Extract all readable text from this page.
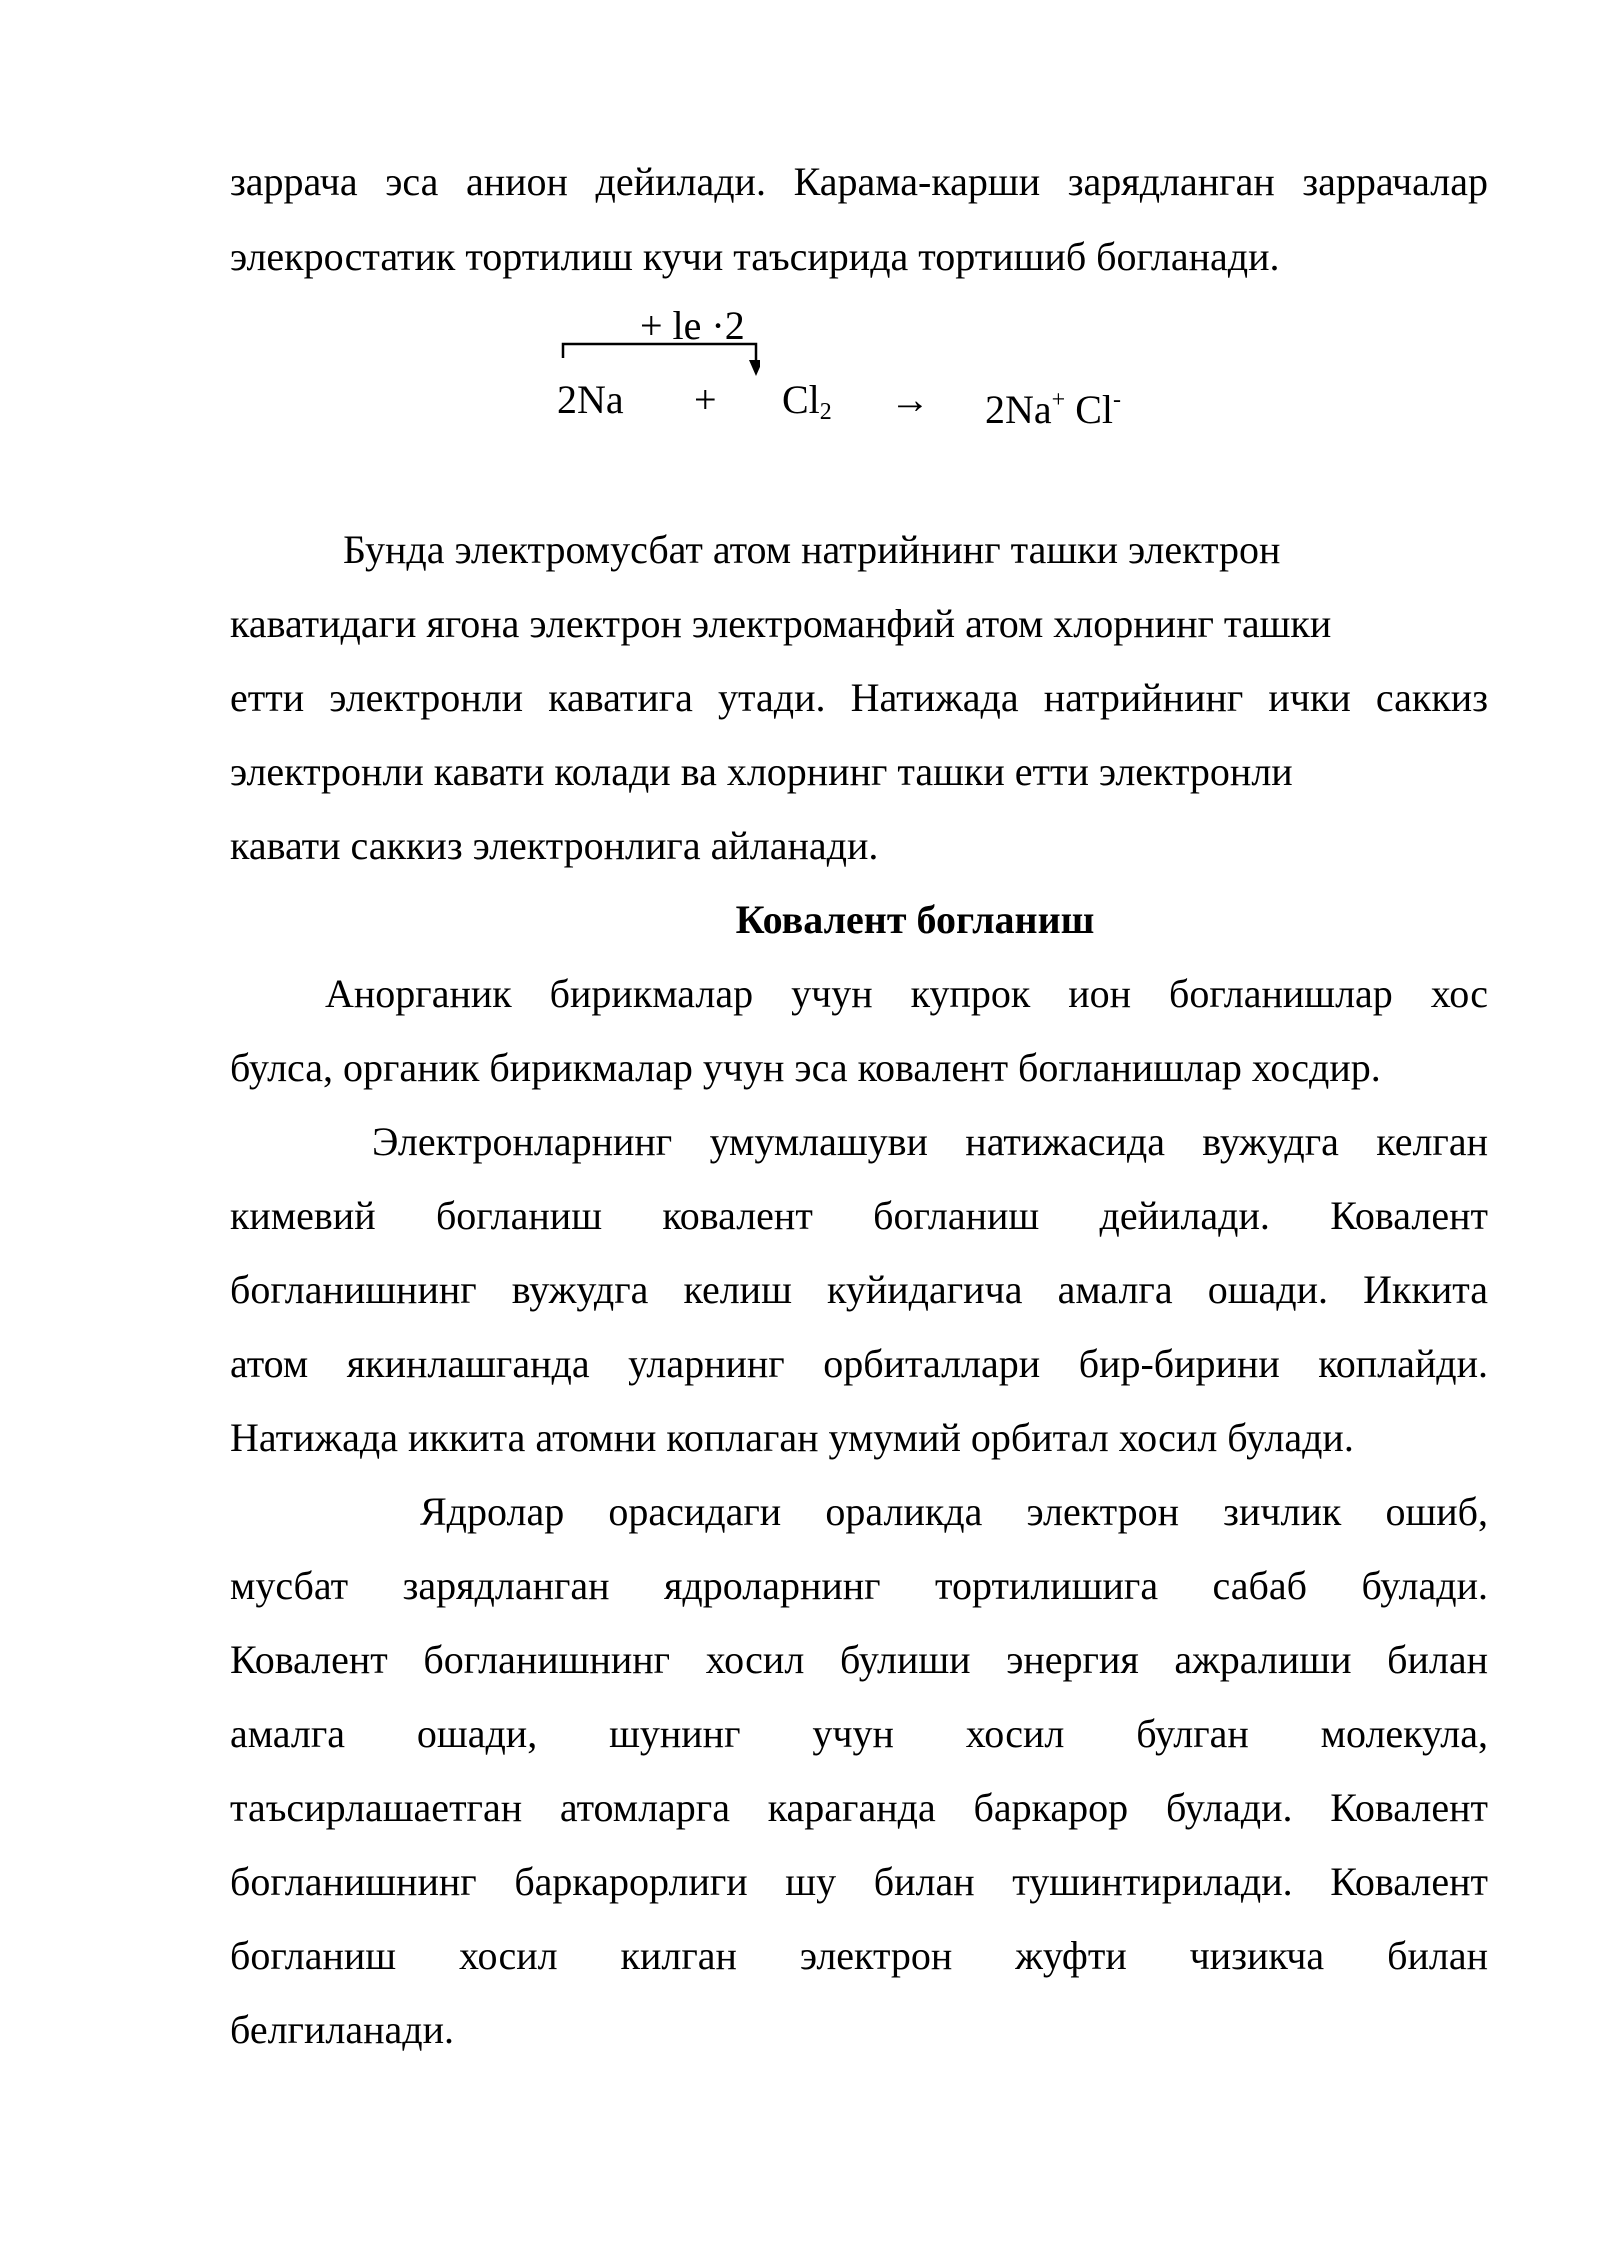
заррача эса анион дейилади. Карама-карши зарядланган заррачалар
элекростатик тортилиш кучи таъсирида тортишиб богланади.
+ le ·2
$2Na + Cl_2 \to 2Na^+$ Cl-
Бунда электромусбат атом натрийнинг ташки электрон
каватидаги ягона электрон электроманфий атом хлорнинг ташки
етти электронли каватига утади. Натижада натрийнинг ички саккиз
электронли кавати колади ва хлорнинг ташки етти электронли
кавати саккиз электронлига айланади.
Ковалент богланиш
Анорганик бирикмалар учун купрок ион богланишлар хос
булса, органик бирикмалар учун эса ковалент богланишлар хосдир.
Электронларнинг умумлашуви натижасида вужудга келган
кимевий богланиш ковалент богланиш дейилади. Ковалент
богланишнинг вужудга келиш куйидагича амалга ошади. Иккита
атом якинлашганда уларнинг орбиталлари бир-бирини коплайди.
Натижада иккита атомни коплаган умумий орбитал хосил булади.
Ядролар орасидаги ораликда электрон зичлик ошиб,
мусбат зарядланган ядроларнинг тортилишига сабаб булади.
Ковалент богланишнинг хосил булиши энергия ажралиши билан
амалга ошади, шунинг учун хосил булган молекула,
таъсирлашаетган атомларга караганда баркарор булади. Ковалент
богланишнинг баркарорлиги шу билан тушинтирилади. Ковалент
богланиш хосил килган электрон жуфти чизикча билан
белгиланади.
